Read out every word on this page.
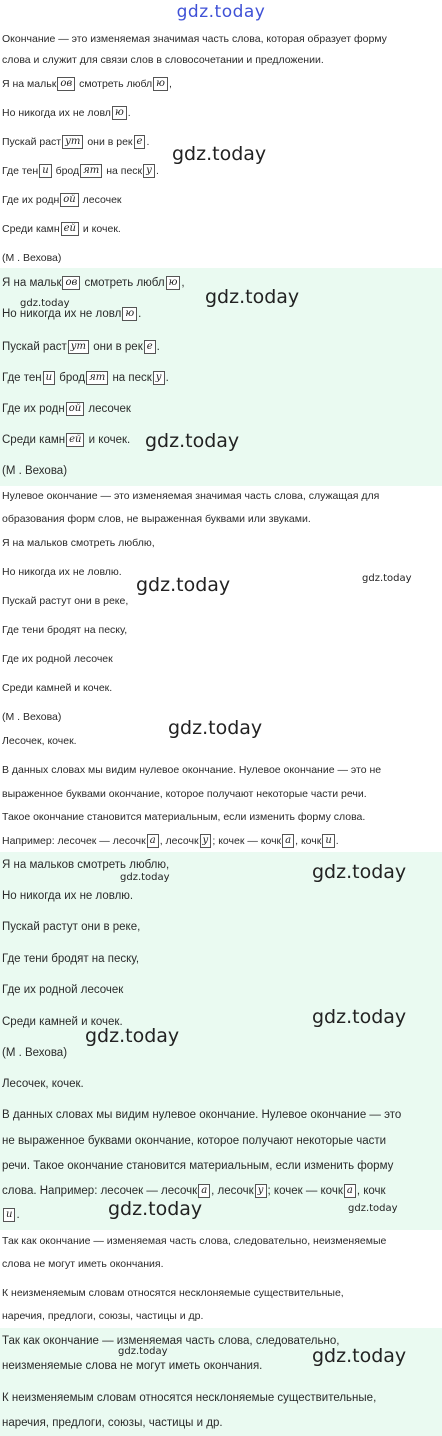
gdz.today
Окончание — это изменяемая значимая часть слова, которая образует форму
слова и служит для связи слов в словосочетании и предложении.
Я на мальк ов смотреть любл ю ,
Но никогда их не ловл ю .
Пускай раст ут они в рек е .
Где тен и брод ят на песк у .
Где их родн ой лесочек
Среди камн ей и кочек.
(М . Вехова)
Я на мальк ов смотреть любл ю ,
Но никогда их не ловл ю .
Пускай раст ут они в рек е .
Где тен и брод ят на песк у .
Где их родн ой лесочек
Среди камн ей и кочек.
(М . Вехова)
Нулевое окончание — это изменяемая значимая часть слова, служащая для
образования форм слов, не выраженная буквами или звуками.
Я на мальков смотреть люблю,
Но никогда их не ловлю.
Пускай растут они в реке,
Где тени бродят на песку,
Где их родной лесочек
Среди камней и кочек.
(М . Вехова)
Лесочек, кочек.
В данных словах мы видим нулевое окончание. Нулевое окончание — это не
выраженное буквами окончание, которое получают некоторые части речи.
Такое окончание становится материальным, если изменить форму слова.
Например: лесочек — лесочк а , лесочк у ; кочек — кочк а , кочк и .
Я на мальков смотреть люблю,
Но никогда их не ловлю.
Пускай растут они в реке,
Где тени бродят на песку,
Где их родной лесочек
Среди камней и кочек.
(М . Вехова)
Лесочек, кочек.
В данных словах мы видим нулевое окончание. Нулевое окончание — это
не выраженное буквами окончание, которое получают некоторые части
речи. Такое окончание становится материальным, если изменить форму
слова. Например: лесочек — лесочк а , лесочк у ; кочек — кочк а , кочк
и .
Так как окончание — изменяемая часть слова, следовательно, неизменяемые
слова не могут иметь окончания.
К неизменяемым словам относятся несклоняемые существительные,
наречия, предлоги, союзы, частицы и др.
Так как окончание — изменяемая часть слова, следовательно,
неизменяемые слова не могут иметь окончания.
К неизменяемым словам относятся несклоняемые существительные,
наречия, предлоги, союзы, частицы и др.
gdz.today
gdz.today	gdz.today
gdz.today
gdz.today
gdz.today
gdz.today
gdz.today	gdz.today
gdz.today
gdz.today
gdz.today	gdz.today
gdz.today	gdz.today
